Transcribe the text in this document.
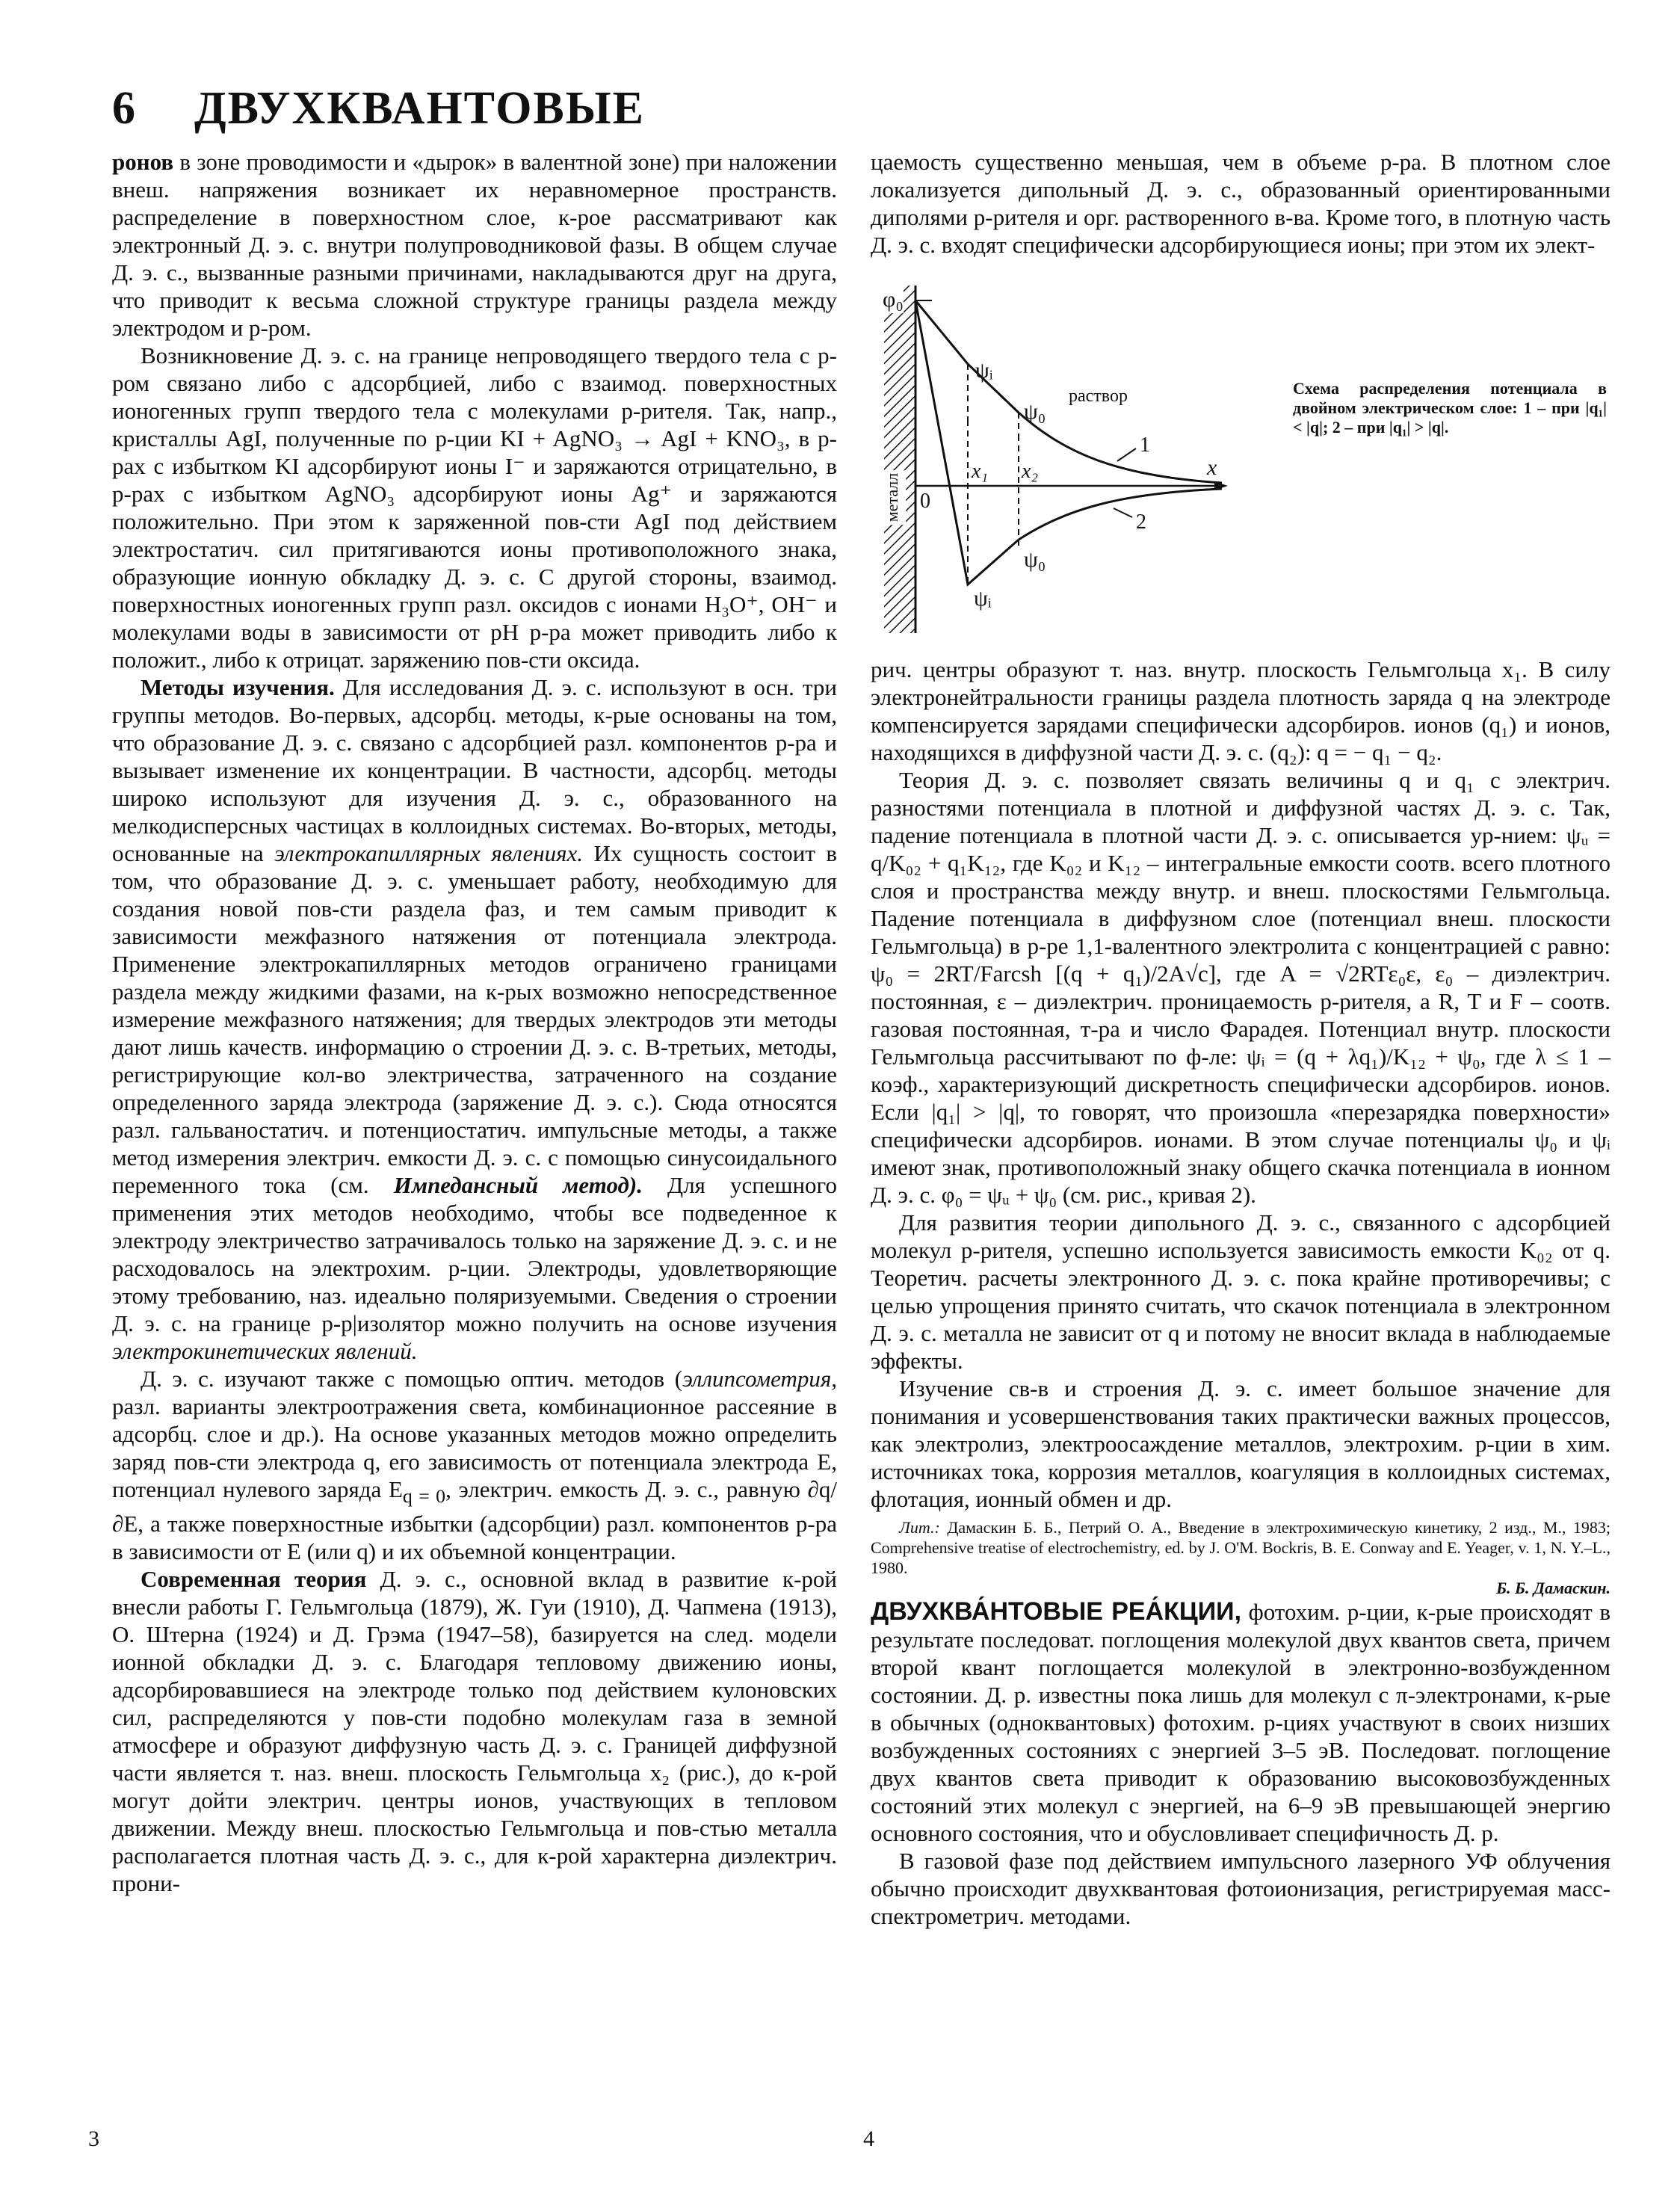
6 ДВУХКВАНТОВЫЕ

ронов в зоне проводимости и «дырок» в валентной зоне) при наложении внеш. напряжения возникает их неравномерное пространств. распределение в поверхностном слое, к-рое рассматривают как электронный Д. э. с. внутри полупроводниковой фазы. В общем случае Д. э. с., вызванные разными причинами, накладываются друг на друга, что приводит к весьма сложной структуре границы раздела между электродом и р-ром.

Возникновение Д. э. с. на границе непроводящего твердого тела с р-ром связано либо с адсорбцией, либо с взаимод. поверхностных ионогенных групп твердого тела с молекулами р-рителя. Так, напр., кристаллы AgI, полученные по р-ции KI + AgNO₃ → AgI + KNO₃, в р-рах с избытком KI адсорбируют ионы I⁻ и заряжаются отрицательно, в р-рах с избытком AgNO₃ адсорбируют ионы Ag⁺ и заряжаются положительно. При этом к заряженной пов-сти AgI под действием электростатич. сил притягиваются ионы противоположного знака, образующие ионную обкладку Д. э. с. С другой стороны, взаимод. поверхностных ионогенных групп разл. оксидов с ионами H₃O⁺, OH⁻ и молекулами воды в зависимости от pH р-ра может приводить либо к положит., либо к отрицат. заряжению пов-сти оксида.

Методы изучения. Для исследования Д. э. с. используют в осн. три группы методов. Во-первых, адсорбц. методы, к-рые основаны на том, что образование Д. э. с. связано с адсорбцией разл. компонентов р-ра и вызывает изменение их концентрации. В частности, адсорбц. методы широко используют для изучения Д. э. с., образованного на мелкодисперсных частицах в коллоидных системах. Во-вторых, методы, основанные на электрокапиллярных явлениях. Их сущность состоит в том, что образование Д. э. с. уменьшает работу, необходимую для создания новой пов-сти раздела фаз, и тем самым приводит к зависимости межфазного натяжения от потенциала электрода. Применение электрокапиллярных методов ограничено границами раздела между жидкими фазами, на к-рых возможно непосредственное измерение межфазного натяжения; для твердых электродов эти методы дают лишь качеств. информацию о строении Д. э. с. В-третьих, методы, регистрирующие кол-во электричества, затраченного на создание определенного заряда электрода (заряжение Д. э. с.). Сюда относятся разл. гальваностатич. и потенциостатич. импульсные методы, а также метод измерения электрич. емкости Д. э. с. с помощью синусоидального переменного тока (см. Импедансный метод). Для успешного применения этих методов необходимо, чтобы все подведенное к электроду электричество затрачивалось только на заряжение Д. э. с. и не расходовалось на электрохим. р-ции. Электроды, удовлетворяющие этому требованию, наз. идеально поляризуемыми. Сведения о строении Д. э. с. на границе р-р|изолятор можно получить на основе изучения электрокинетических явлений.

Д. э. с. изучают также с помощью оптич. методов (эллипсометрия, разл. варианты электроотражения света, комбинационное рассеяние в адсорбц. слое и др.). На основе указанных методов можно определить заряд пов-сти электрода q, его зависимость от потенциала электрода E, потенциал нулевого заряда $E_{q = 0}$, электрич. емкость Д. э. с., равную ∂q/∂E, а также поверхностные избытки (адсорбции) разл. компонентов р-ра в зависимости от E (или q) и их объемной концентрации.

Современная теория Д. э. с., основной вклад в развитие к-рой внесли работы Г. Гельмгольца (1879), Ж. Гуи (1910), Д. Чапмена (1913), О. Штерна (1924) и Д. Грэма (1947–58), базируется на след. модели ионной обкладки Д. э. с. Благодаря тепловому движению ионы, адсорбировавшиеся на электроде только под действием кулоновских сил, распределяются у пов-сти подобно молекулам газа в земной атмосфере и образуют диффузную часть Д. э. с. Границей диффузной части является т. наз. внеш. плоскость Гельмгольца x₂ (рис.), до к-рой могут дойти электрич. центры ионов, участвующих в тепловом движении. Между внеш. плоскостью Гельмгольца и пов-стью металла располагается плотная часть Д. э. с., для к-рой характерна диэлектрич. прони-

цаемость существенно меньшая, чем в объеме р-ра. В плотном слое локализуется дипольный Д. э. с., образованный ориентированными диполями р-рителя и орг. растворенного в-ва. Кроме того, в плотную часть Д. э. с. входят специфически адсорбирующиеся ионы; при этом их элект-

φ₀
ψᵢ
ψ₀
раствор
металл
x₁ x₂	x
0
1
2
ψ₀
ψᵢ
Схема распределения потенциала в двойном электрическом слое: 1 – при |q₁| < |q|; 2 – при |q₁| > |q|.

рич. центры образуют т. наз. внутр. плоскость Гельмгольца x₁. В силу электронейтральности границы раздела плотность заряда q на электроде компенсируется зарядами специфически адсорбиров. ионов (q₁) и ионов, находящихся в диффузной части Д. э. с. (q₂): q = − q₁ − q₂.

Теория Д. э. с. позволяет связать величины q и q₁ с электрич. разностями потенциала в плотной и диффузной частях Д. э. с. Так, падение потенциала в плотной части Д. э. с. описывается ур-нием: ψᵤ = q/K₀₂ + q₁K₁₂, где K₀₂ и K₁₂ – интегральные емкости соотв. всего плотного слоя и пространства между внутр. и внеш. плоскостями Гельмгольца. Падение потенциала в диффузном слое (потенциал внеш. плоскости Гельмгольца) в р-ре 1,1-валентного электролита с концентрацией c равно: ψ₀ = 2RT/Farcsh [(q + q₁)/2A√c], где A = √2RTε₀ε, ε₀ – диэлектрич. постоянная, ε – диэлектрич. проницаемость р-рителя, а R, T и F – соотв. газовая постоянная, т-ра и число Фарадея. Потенциал внутр. плоскости Гельмгольца рассчитывают по ф-ле: ψᵢ = (q + λq₁)/K₁₂ + ψ₀, где λ ≤ 1 – коэф., характеризующий дискретность специфически адсорбиров. ионов. Если |q₁| > |q|, то говорят, что произошла «перезарядка поверхности» специфически адсорбиров. ионами. В этом случае потенциалы ψ₀ и ψᵢ имеют знак, противоположный знаку общего скачка потенциала в ионном Д. э. с. φ₀ = ψᵤ + ψ₀ (см. рис., кривая 2).

Для развития теории дипольного Д. э. с., связанного с адсорбцией молекул р-рителя, успешно используется зависимость емкости K₀₂ от q. Теоретич. расчеты электронного Д. э. с. пока крайне противоречивы; с целью упрощения принято считать, что скачок потенциала в электронном Д. э. с. металла не зависит от q и потому не вносит вклада в наблюдаемые эффекты.

Изучение св-в и строения Д. э. с. имеет большое значение для понимания и усовершенствования таких практически важных процессов, как электролиз, электроосаждение металлов, электрохим. р-ции в хим. источниках тока, коррозия металлов, коагуляция в коллоидных системах, флотация, ионный обмен и др.

Лит.: Дамаскин Б. Б., Петрий О. А., Введение в электрохимическую кинетику, 2 изд., М., 1983; Comprehensive treatise of electrochemistry, ed. by J. O'M. Bockris, B. E. Conway and E. Yeager, v. 1, N. Y.–L., 1980.

Б. Б. Дамаскин.

ДВУХКВА́НТОВЫЕ РЕА́КЦИИ, фотохим. р-ции, к-рые происходят в результате последоват. поглощения молекулой двух квантов света, причем второй квант поглощается молекулой в электронно-возбужденном состоянии. Д. р. известны пока лишь для молекул с π-электронами, к-рые в обычных (одноквантовых) фотохим. р-циях участвуют в своих низших возбужденных состояниях с энергией 3–5 эВ. Последоват. поглощение двух квантов света приводит к образованию высоковозбужденных состояний этих молекул с энергией, на 6–9 эВ превышающей энергию основного состояния, что и обусловливает специфичность Д. р.

В газовой фазе под действием импульсного лазерного УФ облучения обычно происходит двухквантовая фотоионизация, регистрируемая масс-спектрометрич. методами.

3	4
